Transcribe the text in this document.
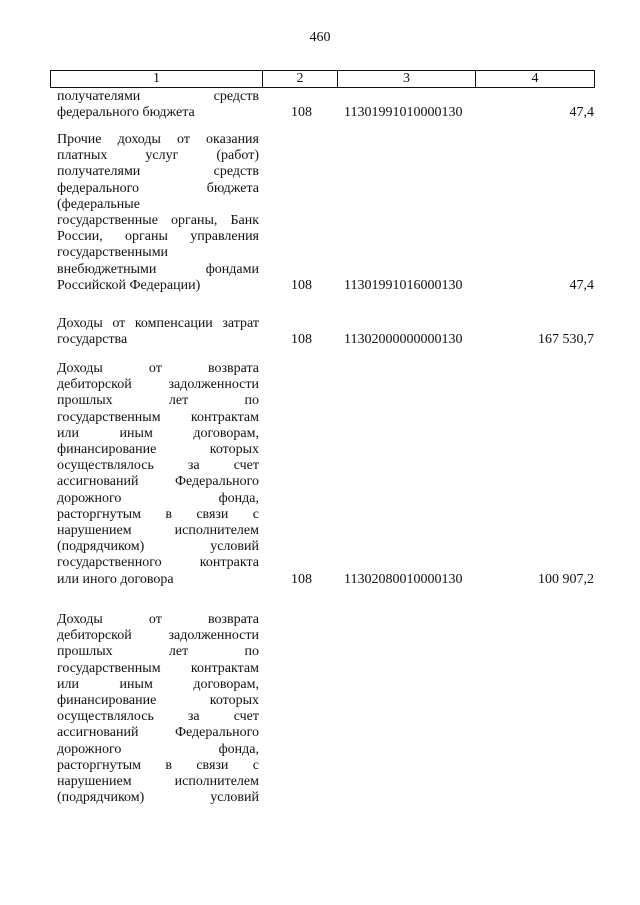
460
1	2	3	4
получателями средств
федерального бюджета	108 11301991010000130	47,4
Прочие доходы от оказания
платных услуг (работ)
получателями средств
федерального бюджета
(федеральные
государственные органы, Банк
России, органы управления
государственными
внебюджетными фондами
Российской Федерации)	108 11301991016000130	47,4
Доходы от компенсации затрат
государства	108 11302000000000130	167 530,7
Доходы от возврата
дебиторской задолженности
прошлых лет по
государственным контрактам
или иным договорам,
финансирование которых
осуществлялось за счет
ассигнований Федерального
дорожного фонда,
расторгнутым в связи с
нарушением исполнителем
(подрядчиком) условий
государственного контракта
или иного договора	108 11302080010000130	100 907,2
Доходы от возврата
дебиторской задолженности
прошлых лет по
государственным контрактам
или иным договорам,
финансирование которых
осуществлялось за счет
ассигнований Федерального
дорожного фонда,
расторгнутым в связи с
нарушением исполнителем
(подрядчиком) условий
